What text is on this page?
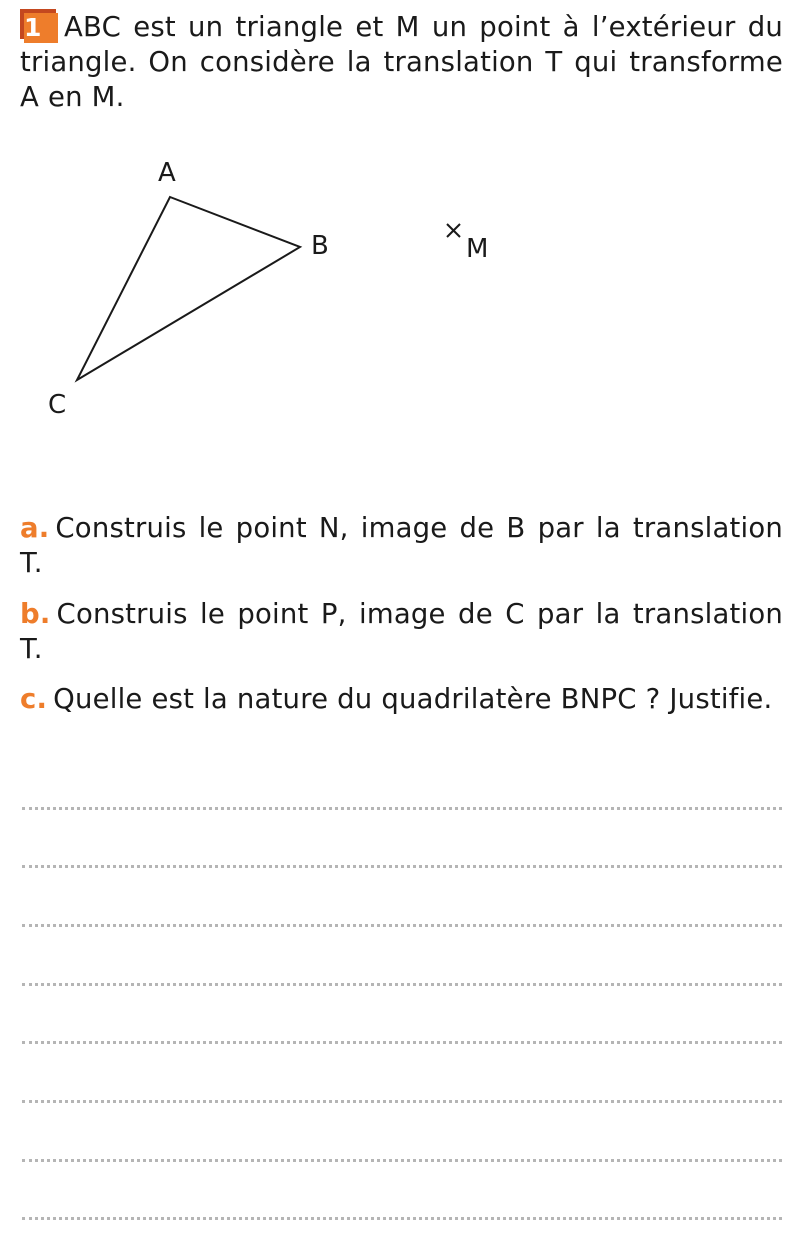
1 ABC est un triangle et M un point à l’extérieur du triangle. On considère la translation T qui transforme A en M.
A
B
C
M
a. Construis le point N, image de B par la translation T.
b. Construis le point P, image de C par la translation T.
c. Quelle est la nature du quadrilatère BNPC ? Justifie.
